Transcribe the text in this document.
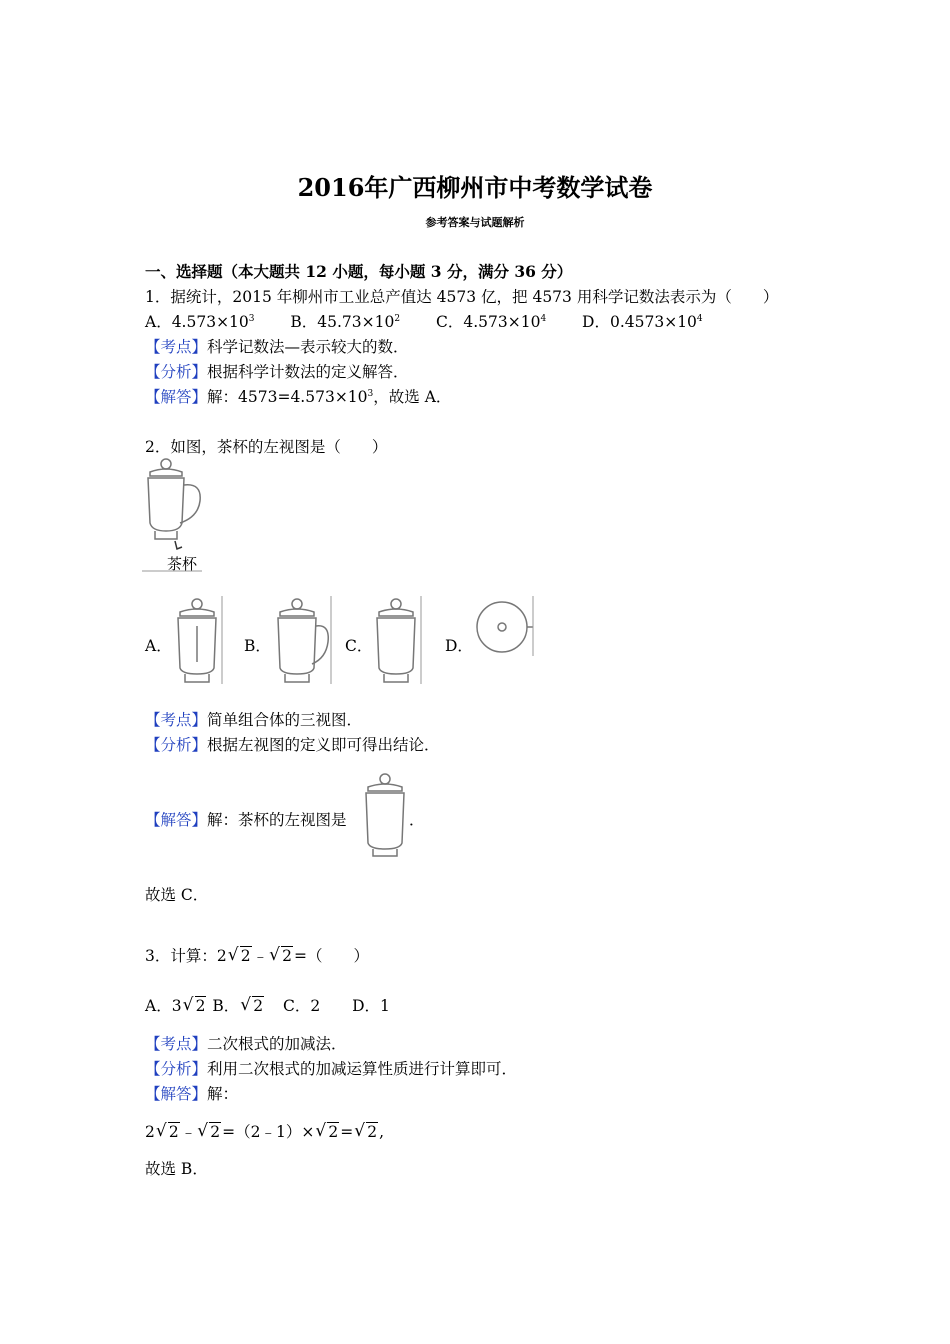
2016年广西柳州市中考数学试卷
参考答案与试题解析
一、选择题（本大题共 12 小题，每小题 3 分，满分 36 分）
1．据统计，2015 年柳州市工业总产值达 4573 亿，把 4573 用科学记数法表示为（　　）
A．$4.573\times 10^3$ B．$45.73\times 10^2$ C．$4.573\times 10^4$ D．$0.4573\times 10^4$
【考点】科学记数法—表示较大的数．
【分析】根据科学计数法的定义解答．
【解答】解：$4573=4.573\times 10^3$，故选 A．
2．如图，茶杯的左视图是（　　）
茶杯
A．	B．	C．	D．
【考点】简单组合体的三视图．
【分析】根据左视图的定义即可得出结论．
【解答】解：茶杯的左视图是	．
故选 C．
3．计算：2 √ 2 ﹣ √ 2 =（　　）
A．3 √ 2 B． √ 2 C．2 D．1
【考点】二次根式的加减法．
【分析】利用二次根式的加减运算性质进行计算即可．
【解答】解：
2 √ 2 ﹣ √ 2 =（2﹣1）× √ 2 = √ 2 ,
故选 B．
